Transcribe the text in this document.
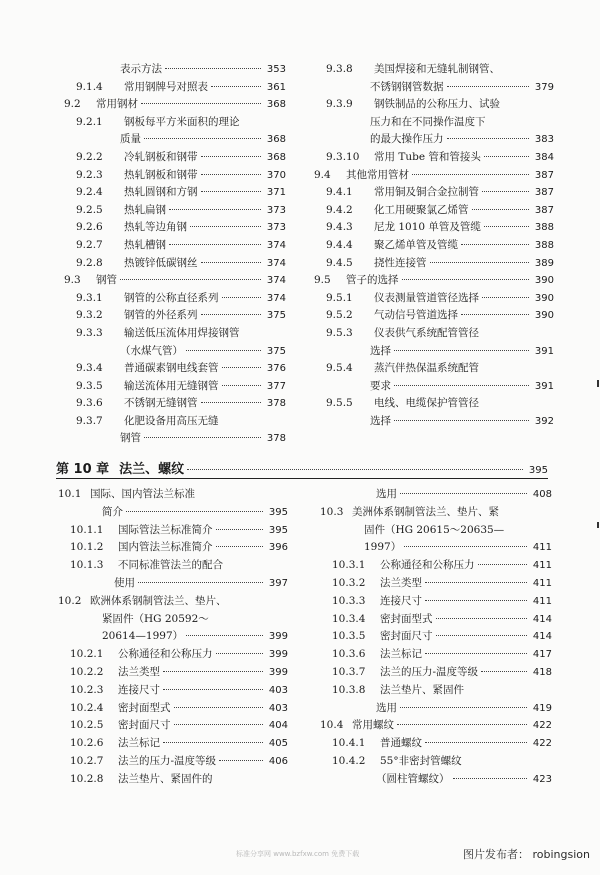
表示方法	353
9.1.4	常用钢牌号对照表	361
9.2	常用钢材	368
9.2.1	钢板每平方米面积的理论
质量	368
9.2.2	冷轧钢板和钢带	368
9.2.3	热轧钢板和钢带	370
9.2.4	热轧圆钢和方钢	371
9.2.5	热轧扁钢	373
9.2.6	热轧等边角钢	373
9.2.7	热轧槽钢	374
9.2.8	热镀锌低碳钢丝	374
9.3	钢管	374
9.3.1	钢管的公称直径系列	374
9.3.2	钢管的外径系列	375
9.3.3	输送低压流体用焊接钢管
（水煤气管）	375
9.3.4	普通碳素钢电线套管	376
9.3.5	输送流体用无缝钢管	377
9.3.6	不锈钢无缝钢管	378
9.3.7	化肥设备用高压无缝
钢管	378
9.3.8	美国焊接和无缝轧制钢管、
不锈钢钢管数据	379
9.3.9	钢铁制品的公称压力、试验
压力和在不同操作温度下
的最大操作压力	383
9.3.10	常用 Tube 管和管接头	384
9.4	其他常用管材	387
9.4.1	常用铜及铜合金拉制管	387
9.4.2	化工用硬聚氯乙烯管	387
9.4.3	尼龙 1010 单管及管缆	388
9.4.4	聚乙烯单管及管缆	388
9.4.5	挠性连接管	389
9.5	管子的选择	390
9.5.1	仪表测量管道管径选择	390
9.5.2	气动信号管道选择	390
9.5.3	仪表供气系统配管管径
选择	391
9.5.4	蒸汽伴热保温系统配管
要求	391
9.5.5	电线、电缆保护管管径
选择	392
第 10 章 法兰、螺纹	395
10.1 国际、国内管法兰标准
简介	395
10.1.1	国际管法兰标准简介	395
10.1.2	国内管法兰标准简介	396
10.1.3	不同标准管法兰的配合
使用	397
10.2 欧洲体系钢制管法兰、垫片、
紧固件（HG 20592～
20614—1997）	399
10.2.1	公称通径和公称压力	399
10.2.2	法兰类型	399
10.2.3	连接尺寸	403
10.2.4	密封面型式	403
10.2.5	密封面尺寸	404
10.2.6	法兰标记	405
10.2.7	法兰的压力-温度等级	406
10.2.8	法兰垫片、紧固件的
选用	408
10.3 美洲体系钢制管法兰、垫片、紧
固件（HG 20615～20635—
1997）	411
10.3.1	公称通径和公称压力	411
10.3.2	法兰类型	411
10.3.3	连接尺寸	411
10.3.4	密封面型式	414
10.3.5	密封面尺寸	414
10.3.6	法兰标记	417
10.3.7	法兰的压力-温度等级	418
10.3.8	法兰垫片、紧固件
选用	419
10.4 常用螺纹	422
10.4.1	普通螺纹	422
10.4.2	55°非密封管螺纹
（圆柱管螺纹）	423
标准分享网 www.bzfxw.com 免费下载	图片发布者： robingsion
